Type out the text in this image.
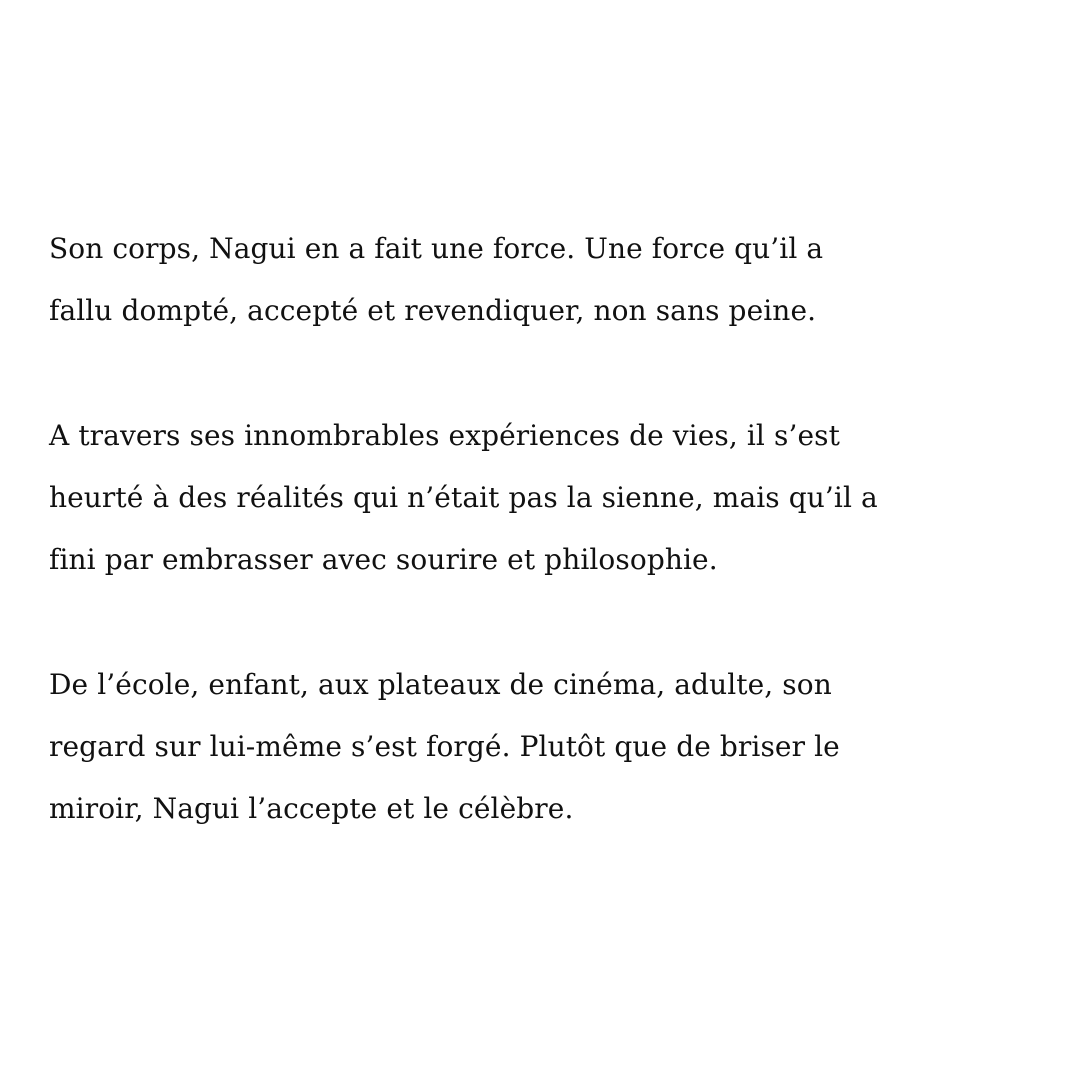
Son corps, Nagui en a fait une force. Une force qu’il a
fallu dompté, accepté et revendiquer, non sans peine.
A travers ses innombrables expériences de vies, il s’est
heurté à des réalités qui n’était pas la sienne, mais qu’il a
fini par embrasser avec sourire et philosophie.
De l’école, enfant, aux plateaux de cinéma, adulte, son
regard sur lui-même s’est forgé. Plutôt que de briser le
miroir, Nagui l’accepte et le célèbre.
